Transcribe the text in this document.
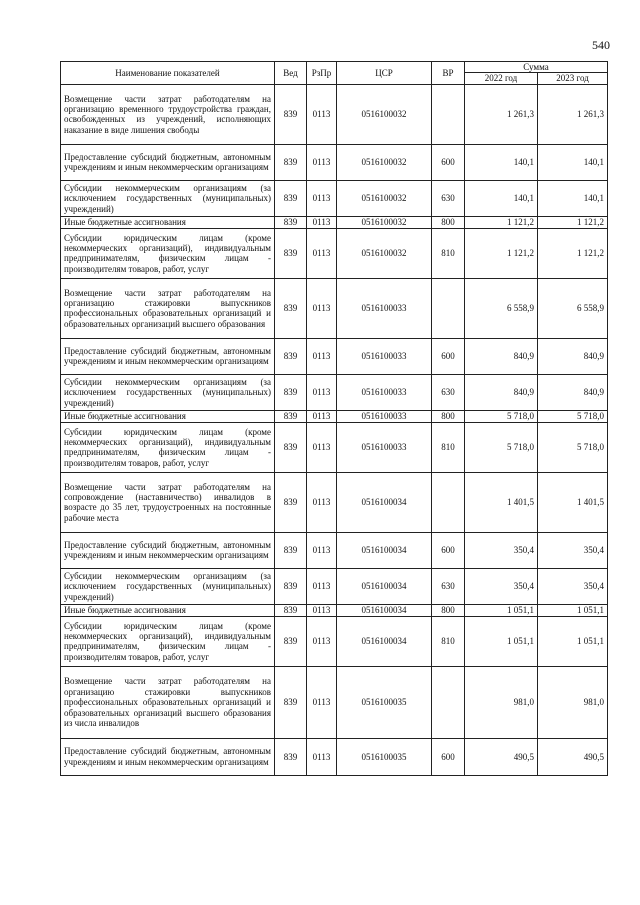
540
Наименование показателей	Вед	РзПр	ЦСР	ВР	Сумма	
					2022 год	2023 год
Возмещение части затрат работодателям на организацию временного трудоустройства граждан, освобожденных из учреждений, исполняющих наказание в виде лишения свободы	839	0113	0516100032		1 261,3	1 261,3
Предоставление субсидий бюджетным, автономным учреждениям и иным некоммерческим организациям	839	0113	0516100032	600	140,1	140,1
Субсидии некоммерческим организациям (за исключением государственных (муниципальных) учреждений)	839	0113	0516100032	630	140,1	140,1
Иные бюджетные ассигнования	839	0113	0516100032	800	1 121,2	1 121,2
Субсидии юридическим лицам (кроме некоммерческих организаций), индивидуальным предпринимателям, физическим лицам - производителям товаров, работ, услуг	839	0113	0516100032	810	1 121,2	1 121,2
Возмещение части затрат работодателям на организацию стажировки выпускников профессиональных образовательных организаций и образовательных организаций высшего образования	839	0113	0516100033		6 558,9	6 558,9
Предоставление субсидий бюджетным, автономным учреждениям и иным некоммерческим организациям	839	0113	0516100033	600	840,9	840,9
Субсидии некоммерческим организациям (за исключением государственных (муниципальных) учреждений)	839	0113	0516100033	630	840,9	840,9
Иные бюджетные ассигнования	839	0113	0516100033	800	5 718,0	5 718,0
Субсидии юридическим лицам (кроме некоммерческих организаций), индивидуальным предпринимателям, физическим лицам - производителям товаров, работ, услуг	839	0113	0516100033	810	5 718,0	5 718,0
Возмещение части затрат работодателям на сопровождение (наставничество) инвалидов в возрасте до 35 лет, трудоустроенных на постоянные рабочие места	839	0113	0516100034		1 401,5	1 401,5
Предоставление субсидий бюджетным, автономным учреждениям и иным некоммерческим организациям	839	0113	0516100034	600	350,4	350,4
Субсидии некоммерческим организациям (за исключением государственных (муниципальных) учреждений)	839	0113	0516100034	630	350,4	350,4
Иные бюджетные ассигнования	839	0113	0516100034	800	1 051,1	1 051,1
Субсидии юридическим лицам (кроме некоммерческих организаций), индивидуальным предпринимателям, физическим лицам - производителям товаров, работ, услуг	839	0113	0516100034	810	1 051,1	1 051,1
Возмещение части затрат работодателям на организацию стажировки выпускников профессиональных образовательных организаций и образовательных организаций высшего образования из числа инвалидов	839	0113	0516100035		981,0	981,0
Предоставление субсидий бюджетным, автономным учреждениям и иным некоммерческим организациям	839	0113	0516100035	600	490,5	490,5
